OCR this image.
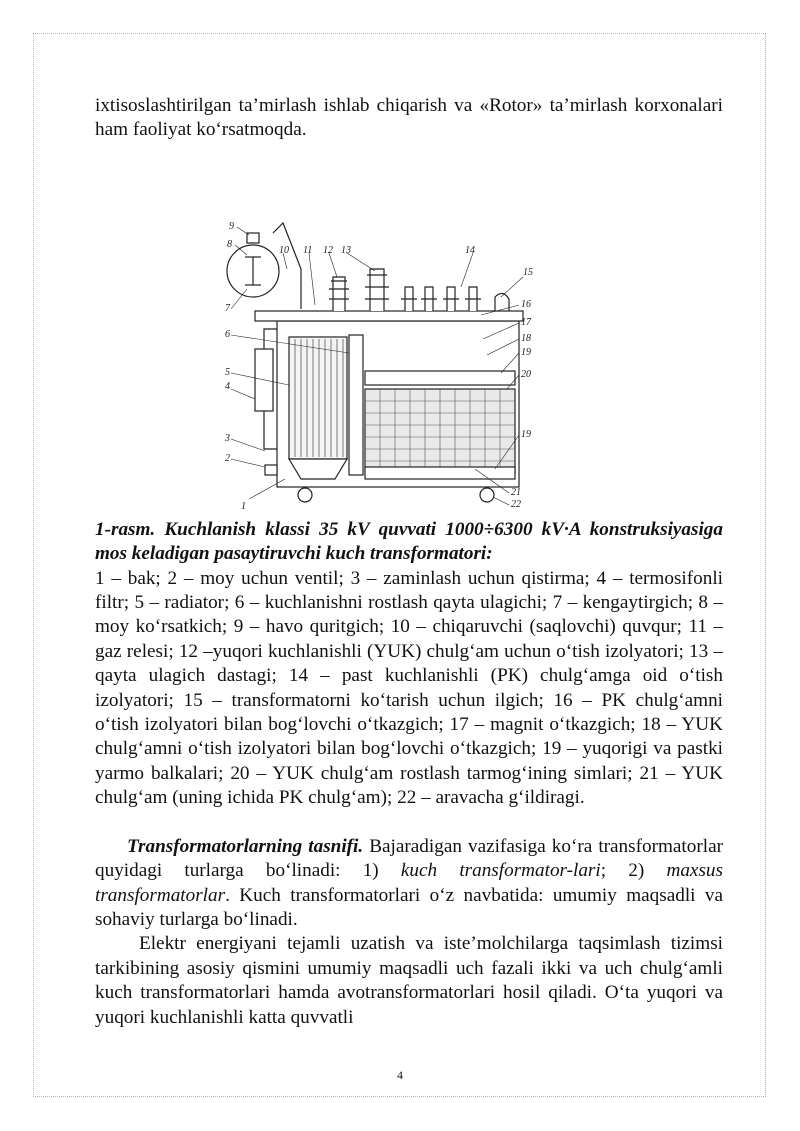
ixtisoslashtirilgan taʼmirlash ishlab chiqarish va «Rotor» taʼmirlash korxonalari ham faoliyat koʻrsatmoqda.

1
2
3
4
5
6
7
8
9
10 11 12 13	14
15
16
17
18
19
20
19
21
22

1-rasm. Kuchlanish klassi 35 kV quvvati 1000÷6300 kV·A konstruksiyasiga mos keladigan pasaytiruvchi kuch transformatori:

1 – bak; 2 – moy uchun ventil; 3 – zaminlash uchun qistirma; 4 – termosifonli filtr; 5 – radiator; 6 – kuchlanishni rostlash qayta ulagichi; 7 – kengaytirgich; 8 – moy koʻrsatkich; 9 – havo quritgich; 10 – chiqaruvchi (saqlovchi) quvqur; 11 – gaz relesi; 12 –yuqori kuchlanishli (YUK) chulgʻam uchun oʻtish izolyatori; 13 – qayta ulagich dastagi; 14 – past kuchlanishli (PK) chulgʻamga oid oʻtish izolyatori; 15 – transformatorni koʻtarish uchun ilgich; 16 – PK chulgʻamni oʻtish izolyatori bilan bogʻlovchi oʻtkazgich; 17 – magnit oʻtkazgich; 18 – YUK chulgʻamni oʻtish izolyatori bilan bogʻlovchi oʻtkazgich; 19 – yuqorigi va pastki yarmo balkalari; 20 – YUK chulgʻam rostlash tarmogʻining simlari; 21 – YUK chulgʻam (uning ichida PK chulgʻam); 22 – aravacha gʻildiragi.

Transformatorlarning tasnifi. Bajaradigan vazifasiga koʻra transformatorlar quyidagi turlarga boʻlinadi: 1) kuch transformator-lari; 2) maxsus transformatorlar. Kuch transformatorlari oʻz navbatida: umumiy maqsadli va sohaviy turlarga boʻlinadi.

Elektr energiyani tejamli uzatish va isteʼmolchilarga taqsimlash tizimsi tarkibining asosiy qismini umumiy maqsadli uch fazali ikki va uch chulgʻamli kuch transformatorlari hamda avotransformatorlari hosil qiladi. Oʻta yuqori va yuqori kuchlanishli katta quvvatli

4
